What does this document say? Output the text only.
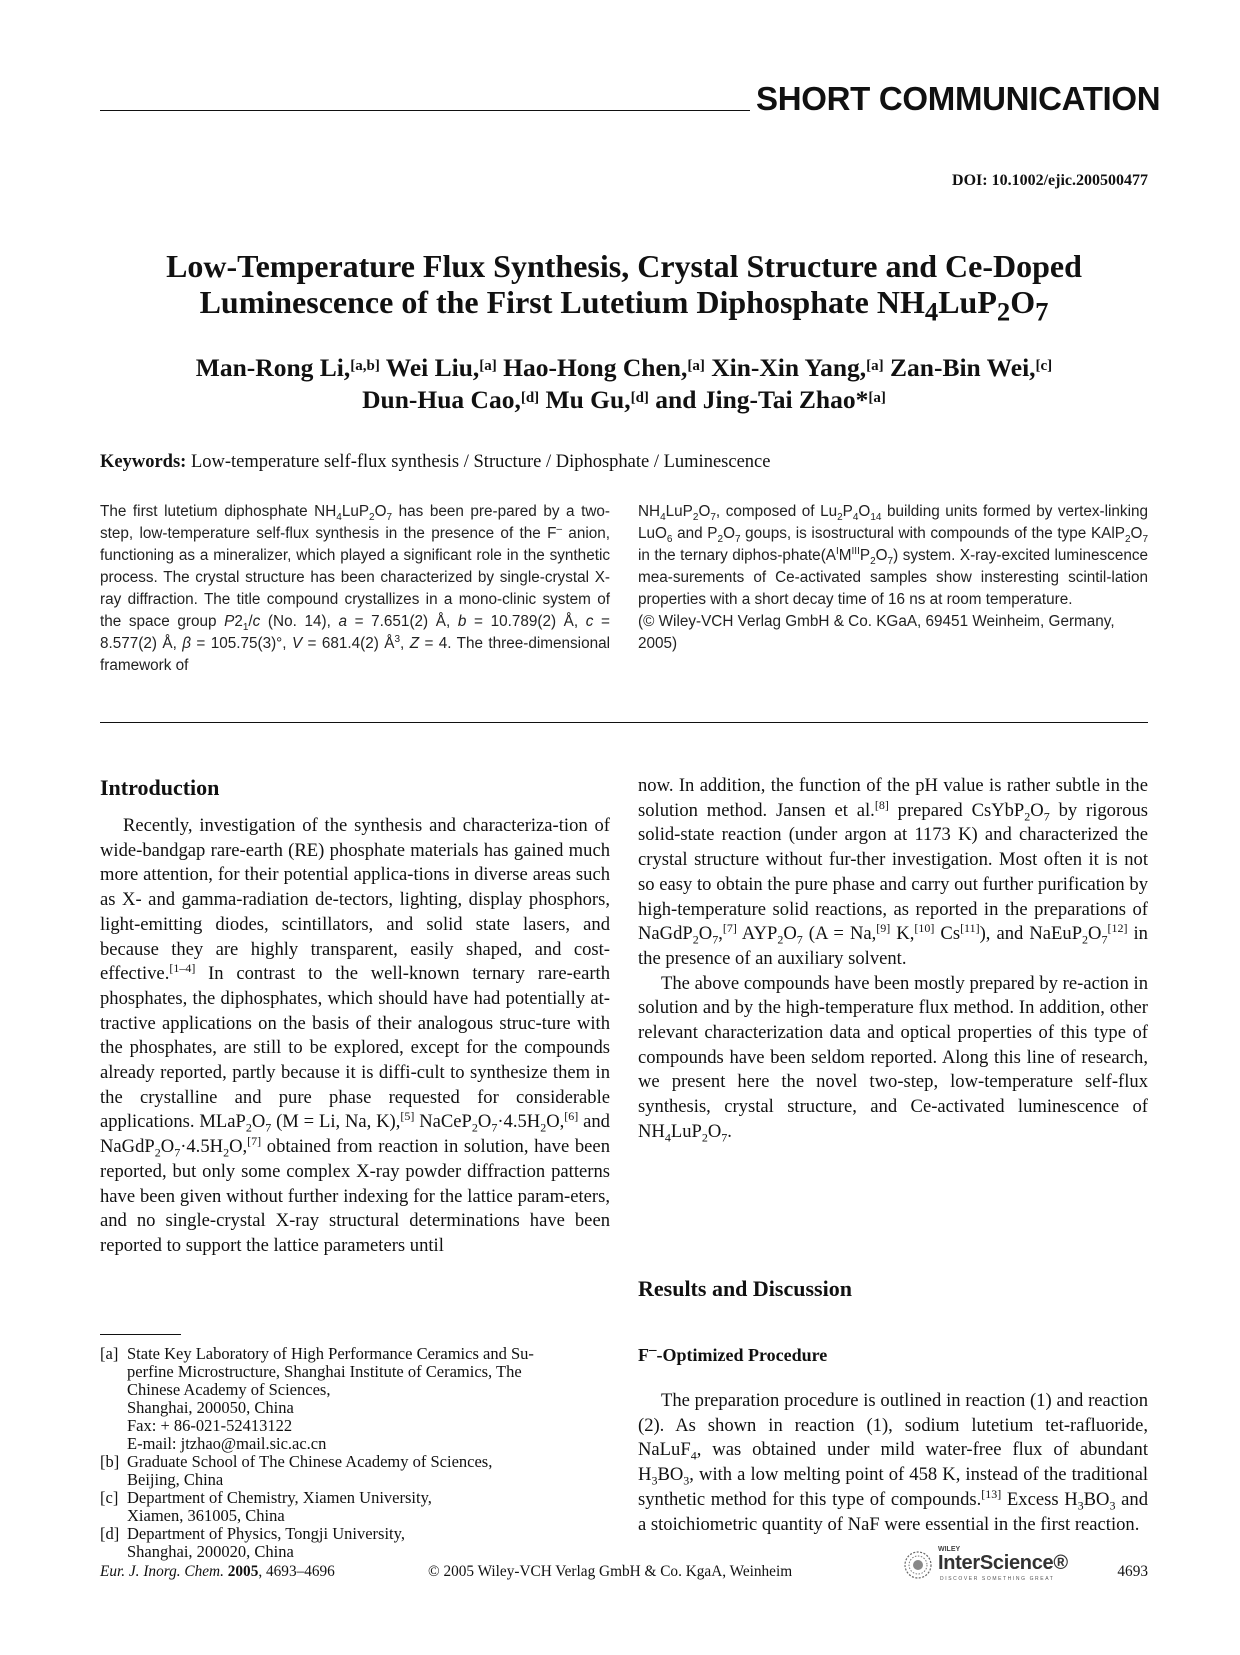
SHORT COMMUNICATION
DOI: 10.1002/ejic.200500477
Low-Temperature Flux Synthesis, Crystal Structure and Ce-Doped
Luminescence of the First Lutetium Diphosphate $NH_4LuP_2O_7$
Man-Rong Li,[a,b] Wei Liu,[a] Hao-Hong Chen,[a] Xin-Xin Yang,[a] Zan-Bin Wei,[c]
Dun-Hua Cao,[d] Mu Gu,[d] and Jing-Tai Zhao*[a]
Keywords: Low-temperature self-flux synthesis / Structure / Diphosphate / Luminescence

The first lutetium diphosphate $NH_4LuP_2O_7$ has been pre-pared by a two-step, low-temperature self-flux synthesis in the presence of the F– anion, functioning as a mineralizer, which played a significant role in the synthetic process. The crystal structure has been characterized by single-crystal X-ray diffraction. The title compound crystallizes in a mono-clinic system of the space group $P2_1/c$ (No. 14), a = 7.651(2) Å, b = 10.789(2) Å, c = 8.577(2) Å, β = 105.75(3)°, V = 681.4(2) $Å^3$, Z = 4. The three-dimensional framework of

$NH_4LuP_2O_7$, composed of $Lu_2P_4O_{14}$ building units formed by vertex-linking LuO$_6$ and $P_2O_7$ goups, is isostructural with compounds of the type $KAlP_2O_7$ in the ternary diphos-$phate(A^IM^{III}P_2O_7)$ system. X-ray-excited luminescence mea-surements of Ce-activated samples show insteresting scintil-lation properties with a short decay time of 16 ns at room temperature.

(© Wiley-VCH Verlag GmbH & Co. KGaA, 69451 Weinheim, Germany, 2005)

Introduction

Recently, investigation of the synthesis and characteriza-tion of wide-bandgap rare-earth (RE) phosphate materials has gained much more attention, for their potential applica-tions in diverse areas such as X- and gamma-radiation de-tectors, lighting, display phosphors, light-emitting diodes, scintillators, and solid state lasers, and because they are highly transparent, easily shaped, and cost-effective.[1–4] In contrast to the well-known ternary rare-earth phosphates, the diphosphates, which should have had potentially at-tractive applications on the basis of their analogous struc-ture with the phosphates, are still to be explored, except for the compounds already reported, partly because it is diffi-cult to synthesize them in the crystalline and pure phase requested for considerable applications. $MLaP_2O_7$ (M = Li, Na, K),[5] $NaCeP_2O_7\cdot 4.5H_2O,[6]$ and $NaGdP_2O_7\cdot 4.5H_2O,[7]$ obtained from reaction in solution, have been reported, but only some complex X-ray powder diffraction patterns have been given without further indexing for the lattice param-eters, and no single-crystal X-ray structural determinations have been reported to support the lattice parameters until

now. In addition, the function of the pH value is rather subtle in the solution method. Jansen et al.[8] prepared $CsYbP_2O_7$ by rigorous solid-state reaction (under argon at 1173 K) and characterized the crystal structure without fur-ther investigation. Most often it is not so easy to obtain the pure phase and carry out further purification by high-temperature solid reactions, as reported in the preparations of $NaGdP_2O_7,[7]$ $AYP_2O_7$ (A = Na,[9] K,[10] Cs[11]), and $NaEuP_2O_7[12]$ in the presence of an auxiliary solvent.

The above compounds have been mostly prepared by re-action in solution and by the high-temperature flux method. In addition, other relevant characterization data and optical properties of this type of compounds have been seldom reported. Along this line of research, we present here the novel two-step, low-temperature self-flux synthesis, crystal structure, and Ce-activated luminescence of $NH_4LuP_2O_7$.

Results and Discussion
F–-Optimized Procedure

The preparation procedure is outlined in reaction (1) and reaction (2). As shown in reaction (1), sodium lutetium tet-rafluoride, NaLuF$_4$, was obtained under mild water-free flux of abundant $H_3BO_3$, with a low melting point of 458 K, instead of the traditional synthetic method for this type of compounds.[13] Excess $H_3BO_3$ and a stoichiometric quantity of NaF were essential in the first reaction.

[a] State Key Laboratory of High Performance Ceramics and Su-
perfine Microstructure, Shanghai Institute of Ceramics, The
Chinese Academy of Sciences,
Shanghai, 200050, China
Fax: + 86-021-52413122
E-mail: jtzhao@mail.sic.ac.cn
[b] Graduate School of The Chinese Academy of Sciences,
Beijing, China
[c] Department of Chemistry, Xiamen University,
Xiamen, 361005, China
[d] Department of Physics, Tongji University,
Shanghai, 200020, China
Eur. J. Inorg. Chem. 2005, 4693–4696	© 2005 Wiley-VCH Verlag GmbH & Co. KgaA, Weinheim
WILEY
InterScience®
DISCOVER SOMETHING GREAT	4693
